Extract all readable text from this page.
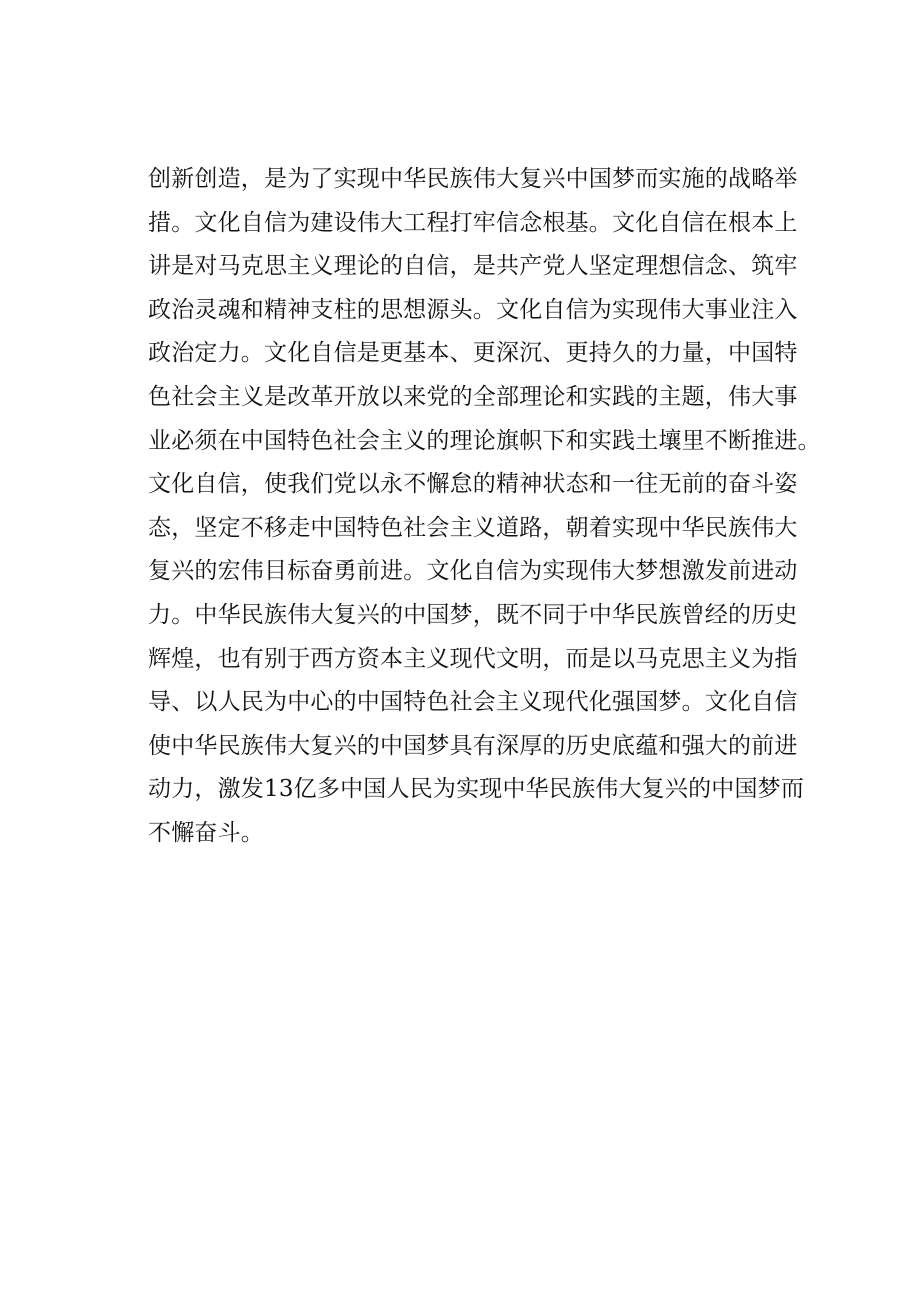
创新创造，是为了实现中华民族伟大复兴中国梦而实施的战略举
措。文化自信为建设伟大工程打牢信念根基。文化自信在根本上
讲是对马克思主义理论的自信，是共产党人坚定理想信念、筑牢
政治灵魂和精神支柱的思想源头。文化自信为实现伟大事业注入
政治定力。文化自信是更基本、更深沉、更持久的力量，中国特
色社会主义是改革开放以来党的全部理论和实践的主题，伟大事
业必须在中国特色社会主义的理论旗帜下和实践土壤里不断推进。
文化自信，使我们党以永不懈怠的精神状态和一往无前的奋斗姿
态，坚定不移走中国特色社会主义道路，朝着实现中华民族伟大
复兴的宏伟目标奋勇前进。文化自信为实现伟大梦想激发前进动
力。中华民族伟大复兴的中国梦，既不同于中华民族曾经的历史
辉煌，也有别于西方资本主义现代文明，而是以马克思主义为指
导、以人民为中心的中国特色社会主义现代化强国梦。文化自信
使中华民族伟大复兴的中国梦具有深厚的历史底蕴和强大的前进
动力，激发13亿多中国人民为实现中华民族伟大复兴的中国梦而
不懈奋斗。
